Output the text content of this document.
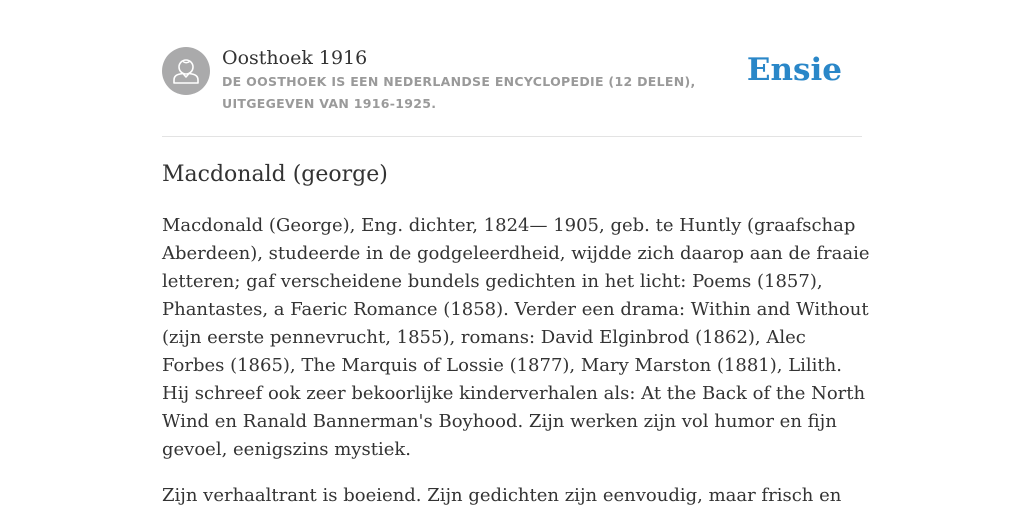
Oosthoek 1916
DE OOSTHOEK IS EEN NEDERLANDSE ENCYCLOPEDIE (12 DELEN), UITGEGEVEN VAN 1916-1925.
Ensie
Macdonald (george)

Macdonald (George), Eng. dichter, 1824— 1905, geb. te Huntly (graafschap Aberdeen), studeerde in de godgeleerdheid, wijdde zich daarop aan de fraaie letteren; gaf verscheidene bundels gedichten in het licht: Poems (1857), Phantastes, a Faeric Romance (1858). Verder een drama: Within and Without (zijn eerste pennevrucht, 1855), romans: David Elginbrod (1862), Alec Forbes (1865), The Marquis of Lossie (1877), Mary Marston (1881), Lilith. Hij schreef ook zeer bekoorlijke kinderverhalen als: At the Back of the North Wind en Ranald Bannerman's Boyhood. Zijn werken zijn vol humor en fijn gevoel, eenigszins mystiek.

Zijn verhaaltrant is boeiend. Zijn gedichten zijn eenvoudig, maar frisch en
